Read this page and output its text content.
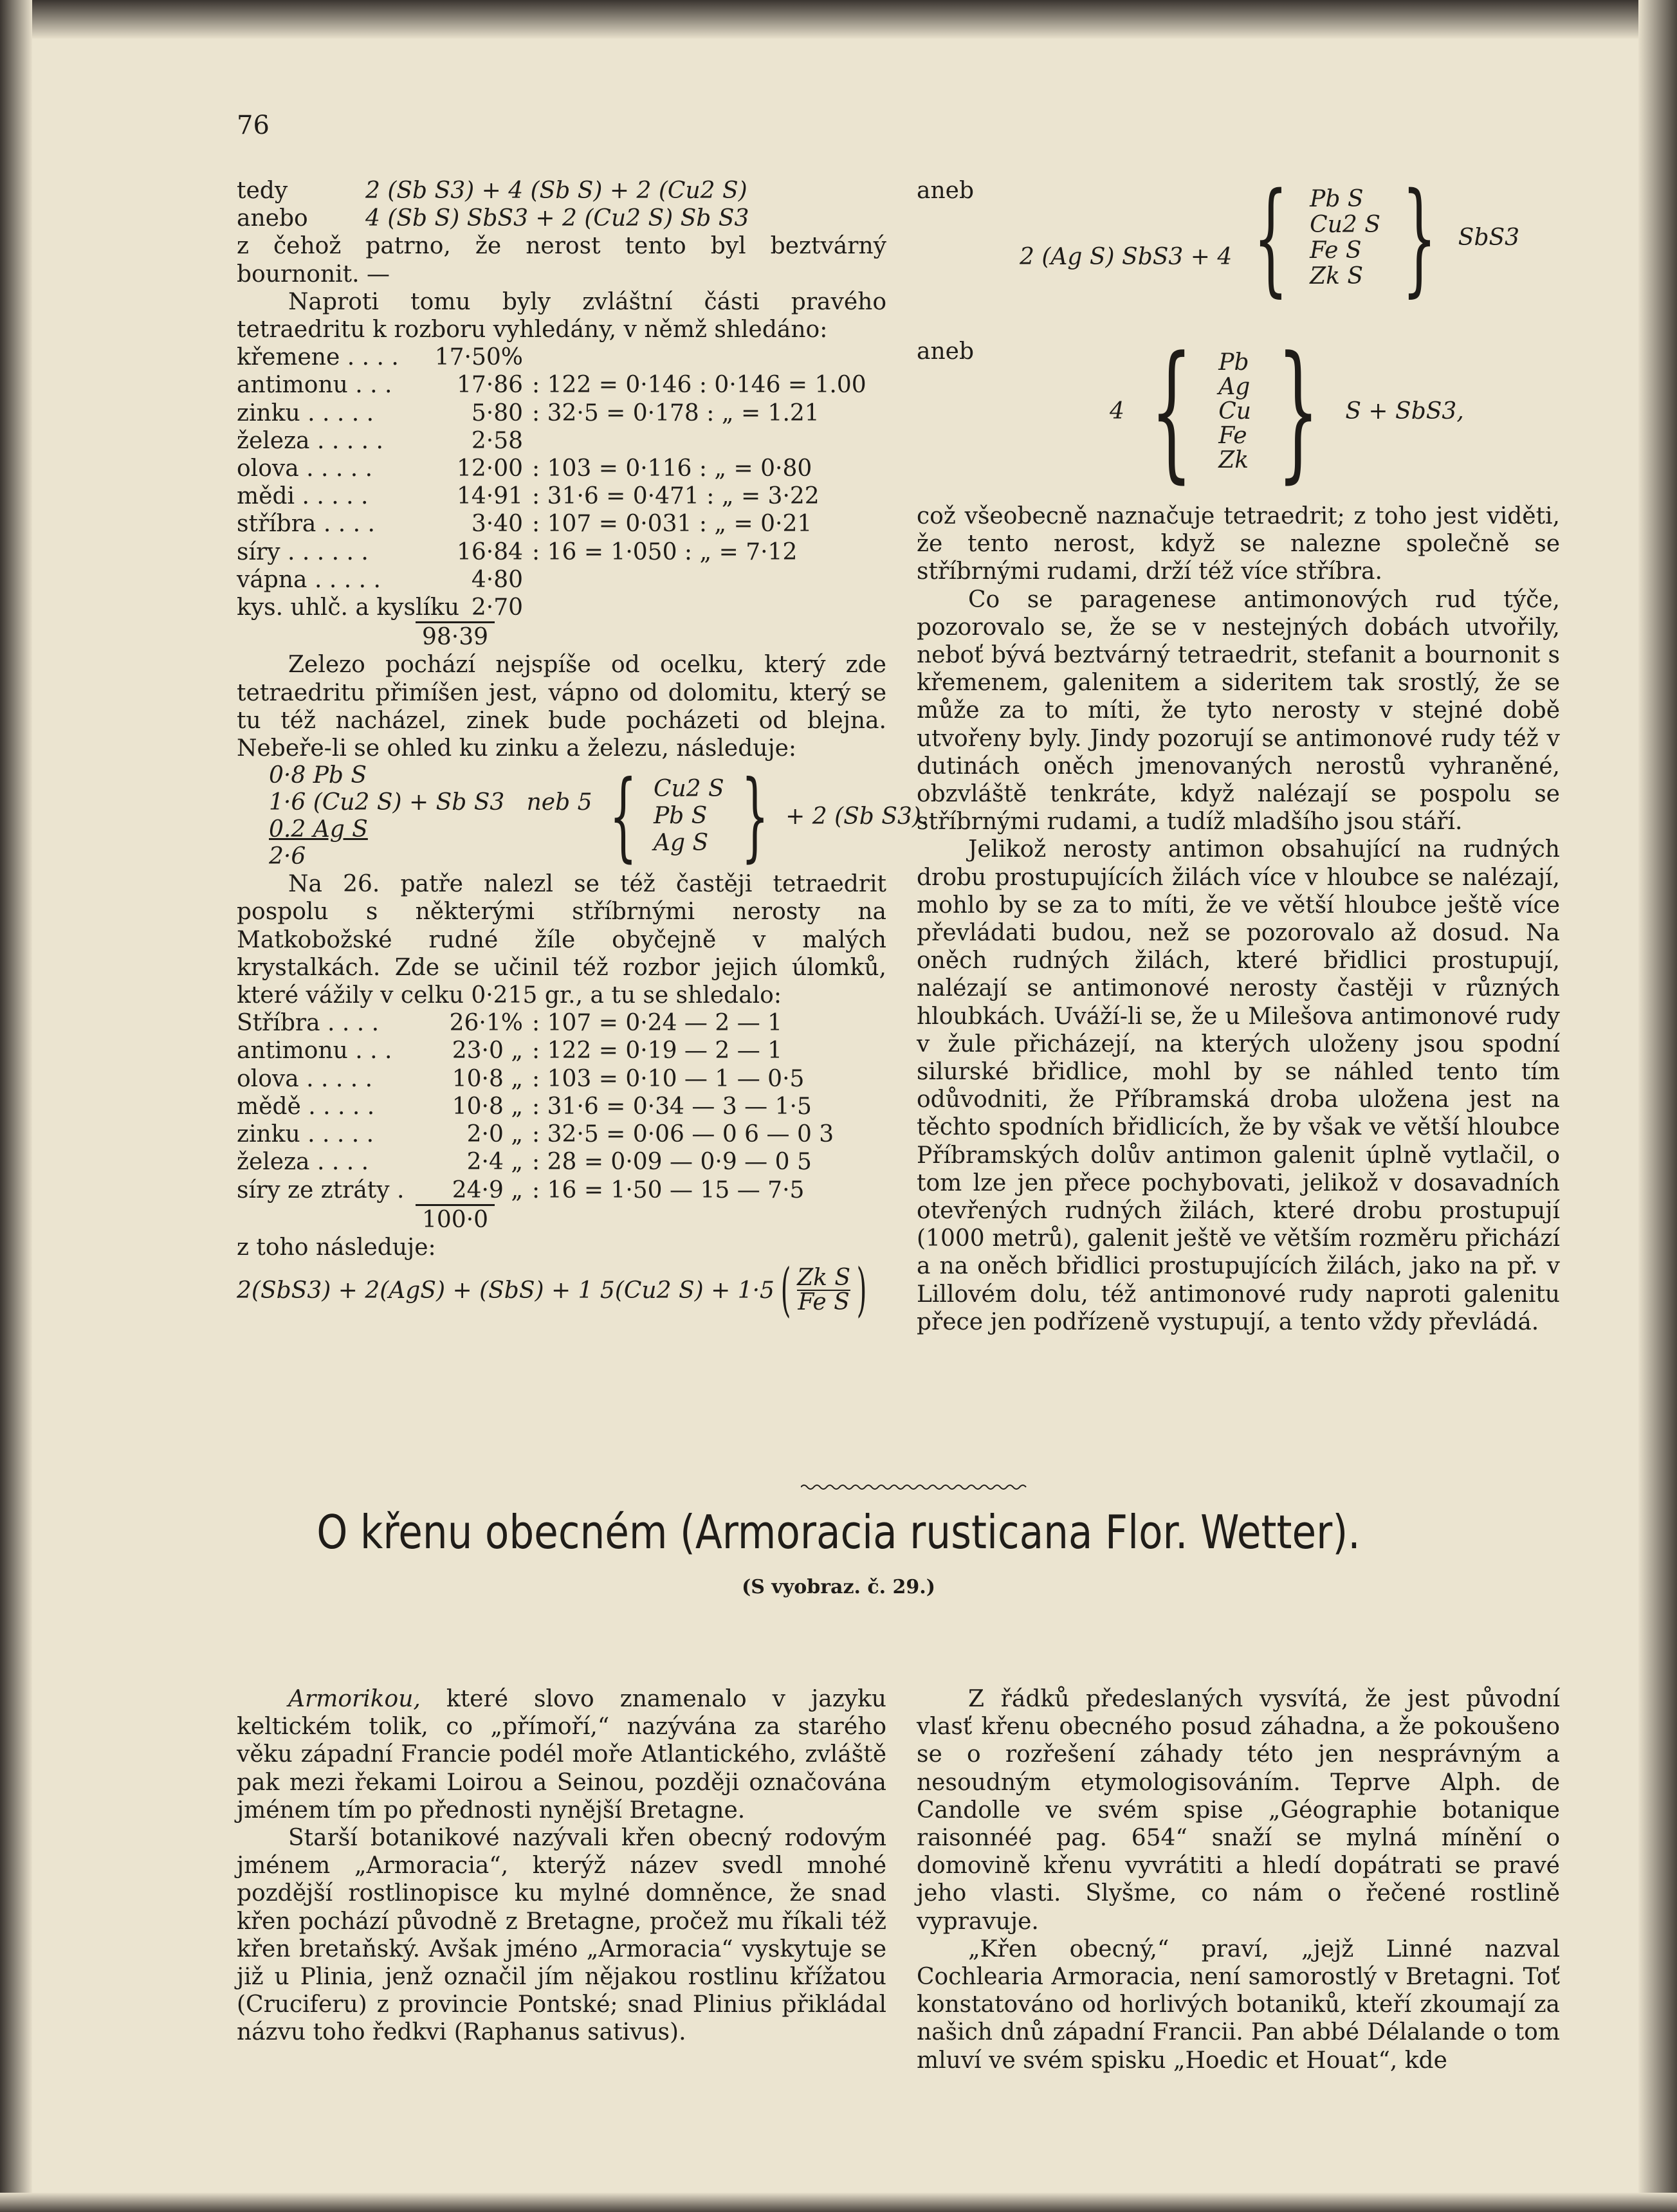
76
tedy	2 (Sb S3) + 4 (Sb S) + 2 (Cu2 S)
anebo	4 (Sb S) SbS3 + 2 (Cu2 S) Sb S3

z čehož patrno, že nerost tento byl beztvárný bournonit. —

Naproti tomu byly zvláštní části pravého tetraedritu k rozboru vyhledány, v němž shledáno:

křemene . . . .	17·50%
antimonu . . .	17·86 : 122 = 0·146 : 0·146 = 1.00
zinku . . . . .	5·80 : 32·5 = 0·178 : „ = 1.21
železa . . . . .	2·58
olova . . . . .	12·00 : 103 = 0·116 : „ = 0·80
mědi . . . . .	14·91 : 31·6 = 0·471 : „ = 3·22
stříbra . . . .	3·40 : 107 = 0·031 : „ = 0·21
síry . . . . . .	16·84 : 16 = 1·050 : „ = 7·12
vápna . . . . .	4·80
kys. uhlč. a kyslíku 2·70
98·39

Zelezo pochází nejspíše od ocelku, který zde tetraedritu přimíšen jest, vápno od dolomitu, který se tu též nacházel, zinek bude pocházeti od blejna. Nebeře-li se ohled ku zinku a železu, následuje:

0·8 Pb S
1·6 (Cu2 S) + Sb S3   neb 5
0.2 Ag S
2·6	{ Cu2 S
Pb S
Ag S } + 2 (Sb S3).

Na 26. patře nalezl se též častěji tetraedrit pospolu s některými stříbrnými nerosty na Matkobožské rudné žíle obyčejně v malých krystalkách. Zde se učinil též rozbor jejich úlomků, které vážily v celku 0·215 gr., a tu se shledalo:

Stříbra . . . .	26·1% : 107 = 0·24 — 2 — 1
antimonu . . .	23·0 „ : 122 = 0·19 — 2 — 1
olova . . . . .	10·8 „ : 103 = 0·10 — 1 — 0·5
mědě . . . . .	10·8 „ : 31·6 = 0·34 — 3 — 1·5
zinku . . . . .	2·0 „ : 32·5 = 0·06 — 0 6 — 0 3
železa . . . .	2·4 „ : 28 = 0·09 — 0·9 — 0 5
síry ze ztráty .	24·9 „ : 16 = 1·50 — 15 — 7·5
100·0

z toho následuje:

2(SbS3) + 2(AgS) + (SbS) + 1 5(Cu2 S) + 1·5 ( Zk S
Fe S )
aneb
2 (Ag S) SbS3 + 4 { Pb S
Cu2 S
Fe S
Zk S } SbS3
aneb
4 { Pb
Ag
Cu
Fe
Zk } S + SbS3,

což všeobecně naznačuje tetraedrit; z toho jest viděti, že tento nerost, když se nalezne společně se stříbrnými rudami, drží též více stříbra.

Co se paragenese antimonových rud týče, pozorovalo se, že se v nestejných dobách utvořily, neboť bývá beztvárný tetraedrit, stefanit a bournonit s křemenem, galenitem a sideritem tak srostlý, že se může za to míti, že tyto nerosty v stejné době utvořeny byly. Jindy pozorují se antimonové rudy též v dutinách oněch jmenovaných nerostů vyhraněné, obzvláště tenkráte, když nalézají se pospolu se stříbrnými rudami, a tudíž mladšího jsou stáří.

Jelikož nerosty antimon obsahující na rudných drobu prostupujících žilách více v hloubce se nalézají, mohlo by se za to míti, že ve větší hloubce ještě více převládati budou, než se pozorovalo až dosud. Na oněch rudných žilách, které břidlici prostupují, nalézají se antimonové nerosty častěji v různých hloubkách. Uváží-li se, že u Milešova antimonové rudy v žule přicházejí, na kterých uloženy jsou spodní silurské břidlice, mohl by se náhled tento tím odůvodniti, že Příbramská droba uložena jest na těchto spodních břidlicích, že by však ve větší hloubce Příbramských dolův antimon galenit úplně vytlačil, o tom lze jen přece pochybovati, jelikož v dosavadních otevřených rudných žilách, které drobu prostupují (1000 metrů), galenit ještě ve větším rozměru přichází a na oněch břidlici prostupujících žilách, jako na př. v Lillovém dolu, též antimonové rudy naproti galenitu přece jen podřízeně vystupují, a tento vždy převládá.

O křenu obecném (Armoracia rusticana Flor. Wetter).
(S vyobraz. č. 29.)

Armorikou, které slovo znamenalo v jazyku keltickém tolik, co „přímoří,“ nazývána za starého věku západní Francie podél moře Atlantického, zvláště pak mezi řekami Loirou a Seinou, později označována jménem tím po přednosti nynější Bretagne.

Starší botanikové nazývali křen obecný rodovým jménem „Armoracia“, kterýž název svedl mnohé pozdější rostlinopisce ku mylné domněnce, že snad křen pochází původně z Bretagne, pročež mu říkali též křen bretaňský. Avšak jméno „Armoracia“ vyskytuje se již u Plinia, jenž označil jím nějakou rostlinu křížatou (Cruciferu) z provincie Pontské; snad Plinius přikládal názvu toho ředkvi (Raphanus sativus).

Z řádků předeslaných vysvítá, že jest původní vlasť křenu obecného posud záhadna, a že pokoušeno se o rozřešení záhady této jen nesprávným a nesoudným etymologisováním. Teprve Alph. de Candolle ve svém spise „Géographie botanique raisonnéé pag. 654“ snaží se mylná mínění o domovině křenu vyvrátiti a hledí dopátrati se pravé jeho vlasti. Slyšme, co nám o řečené rostlině vypravuje.

„Křen obecný,“ praví, „jejž Linné nazval Cochlearia Armoracia, není samorostlý v Bretagni. Toť konstatováno od horlivých botaniků, kteří zkoumají za našich dnů západní Francii. Pan abbé Délalande o tom mluví ve svém spisku „Hoedic et Houat“, kde
